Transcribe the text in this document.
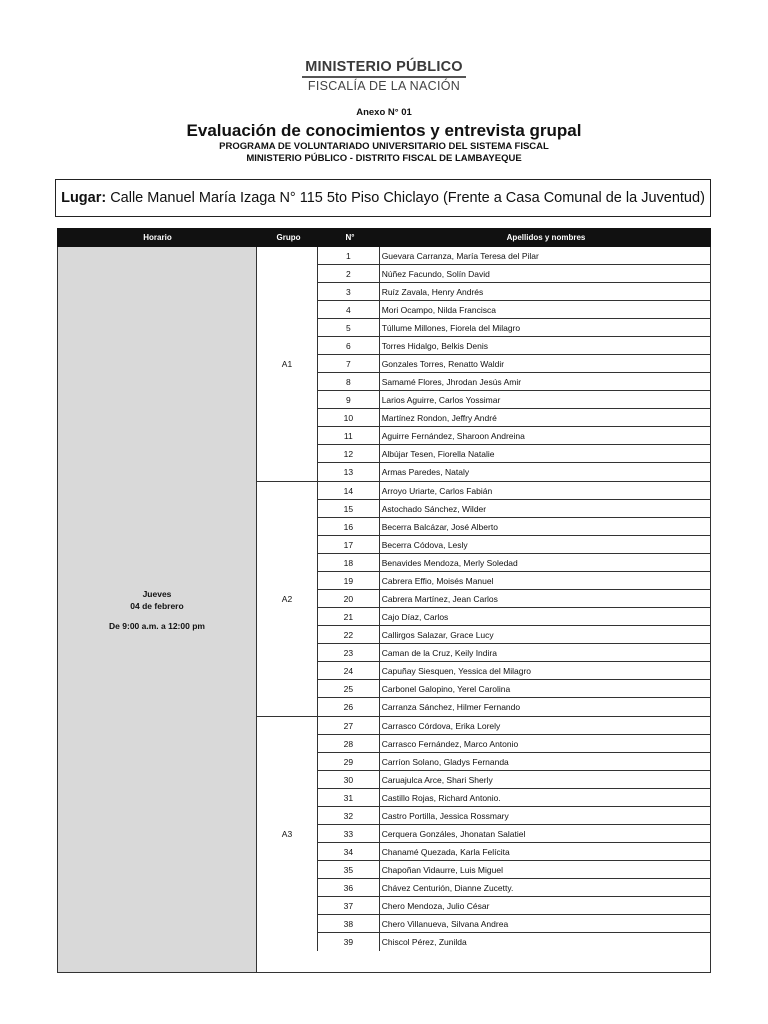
MINISTERIO PÚBLICO
FISCALÍA DE LA NACIÓN
Anexo N° 01
Evaluación de conocimientos y entrevista grupal
PROGRAMA DE VOLUNTARIADO UNIVERSITARIO DEL SISTEMA FISCAL
MINISTERIO PÚBLICO - DISTRITO FISCAL DE LAMBAYEQUE
Lugar: Calle Manuel María Izaga N° 115 5to Piso Chiclayo (Frente a Casa Comunal de la Juventud)
Horario	Grupo	N°	Apellidos y nombres
Jueves
04 de febrero
De 9:00 a.m. a 12:00 pm
A1
1	Guevara Carranza, María Teresa del Pilar
2	Núñez Facundo, Solín David
3	Ruíz Zavala, Henry Andrés
4	Mori Ocampo, Nilda Francisca
5	Túllume Millones, Fiorela del Milagro
6	Torres Hidalgo, Belkis Denis
7	Gonzales Torres, Renatto Waldir
8	Samamé Flores, Jhrodan Jesús Amir
9	Larios Aguirre, Carlos Yossimar
10	Martínez Rondon, Jeffry André
11	Aguirre Fernández, Sharoon Andreina
12	Albújar Tesen, Fiorella Natalie
13	Armas Paredes, Nataly
A2
14	Arroyo Uriarte, Carlos Fabián
15	Astochado Sánchez, Wilder
16	Becerra Balcázar, José Alberto
17	Becerra Códova, Lesly
18	Benavides Mendoza, Merly Soledad
19	Cabrera Effio, Moisés Manuel
20	Cabrera Martínez, Jean Carlos
21	Cajo Díaz, Carlos
22	Callirgos Salazar, Grace Lucy
23	Caman de la Cruz, Keily Indira
24	Capuñay Siesquen, Yessica del Milagro
25	Carbonel Galopino, Yerel Carolina
26	Carranza Sánchez, Hilmer Fernando
A3
27	Carrasco Córdova, Erika Lorely
28	Carrasco Fernández, Marco Antonio
29	Carríon Solano, Gladys Fernanda
30	Caruajulca Arce, Shari Sherly
31	Castillo Rojas, Richard Antonio.
32	Castro Portilla, Jessica Rossmary
33	Cerquera Gonzáles, Jhonatan Salatiel
34	Chanamé Quezada, Karla Felícita
35	Chapoñan Vidaurre, Luis Miguel
36	Chávez Centurión, Dianne Zucetty.
37	Chero Mendoza, Julio César
38	Chero Villanueva, Silvana Andrea
39	Chiscol Pérez, Zunilda
